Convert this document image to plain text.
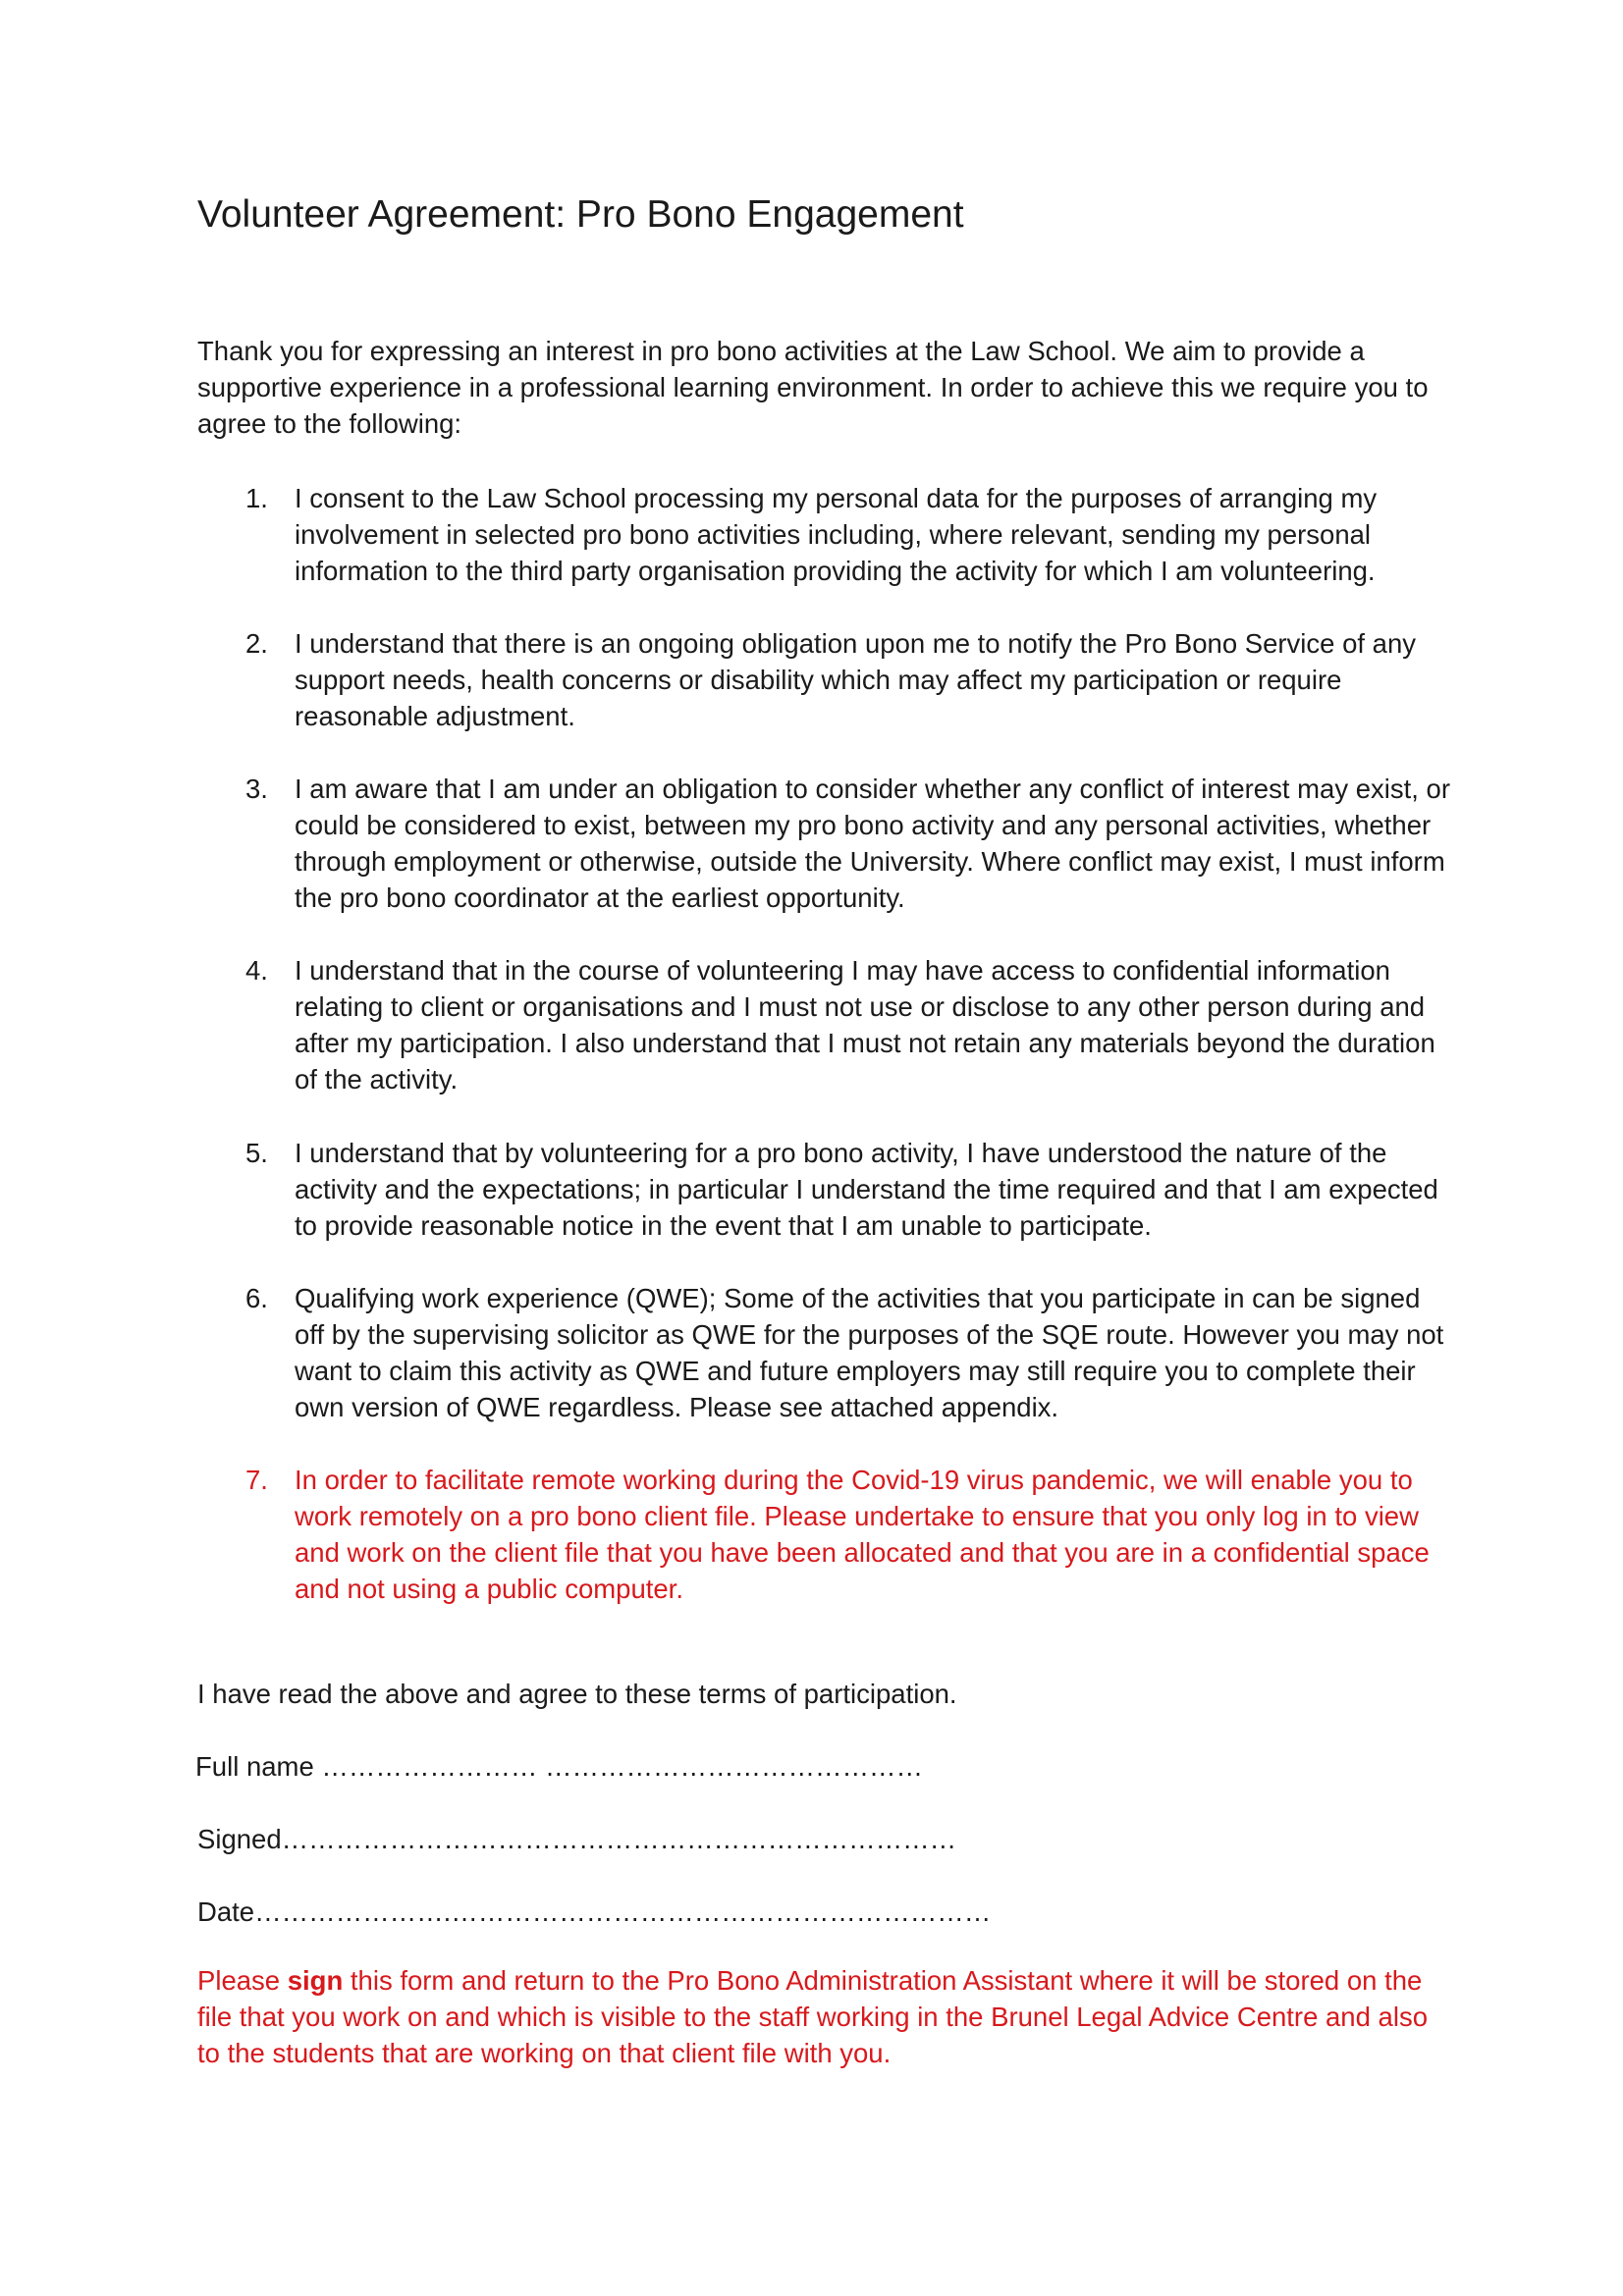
Volunteer Agreement: Pro Bono Engagement
Thank you for expressing an interest in pro bono activities at the Law School. We aim to provide a supportive experience in a professional learning environment. In order to achieve this we require you to agree to the following:
1. I consent to the Law School processing my personal data for the purposes of arranging my involvement in selected pro bono activities including, where relevant, sending my personal information to the third party organisation providing the activity for which I am volunteering.
2. I understand that there is an ongoing obligation upon me to notify the Pro Bono Service of any support needs, health concerns or disability which may affect my participation or require reasonable adjustment.
3. I am aware that I am under an obligation to consider whether any conflict of interest may exist, or could be considered to exist, between my pro bono activity and any personal activities, whether through employment or otherwise, outside the University. Where conflict may exist, I must inform the pro bono coordinator at the earliest opportunity.
4. I understand that in the course of volunteering I may have access to confidential information relating to client or organisations and I must not use or disclose to any other person during and after my participation. I also understand that I must not retain any materials beyond the duration of the activity.
5. I understand that by volunteering for a pro bono activity, I have understood the nature of the activity and the expectations; in particular I understand the time required and that I am expected to provide reasonable notice in the event that I am unable to participate.
6. Qualifying work experience (QWE); Some of the activities that you participate in can be signed off by the supervising solicitor as QWE for the purposes of the SQE route. However you may not want to claim this activity as QWE and future employers may still require you to complete their own version of QWE regardless. Please see attached appendix.
7. In order to facilitate remote working during the Covid-19 virus pandemic, we will enable you to work remotely on a pro bono client file. Please undertake to ensure that you only log in to view and work on the client file that you have been allocated and that you are in a confidential space and not using a public computer.
I have read the above and agree to these terms of participation.
Full name …………………… ……………………………………
Signed…………………………………………………………………
Date………………….……………………………………………………
Please sign this form and return to the Pro Bono Administration Assistant where it will be stored on the file that you work on and which is visible to the staff working in the Brunel Legal Advice Centre and also to the students that are working on that client file with you.
